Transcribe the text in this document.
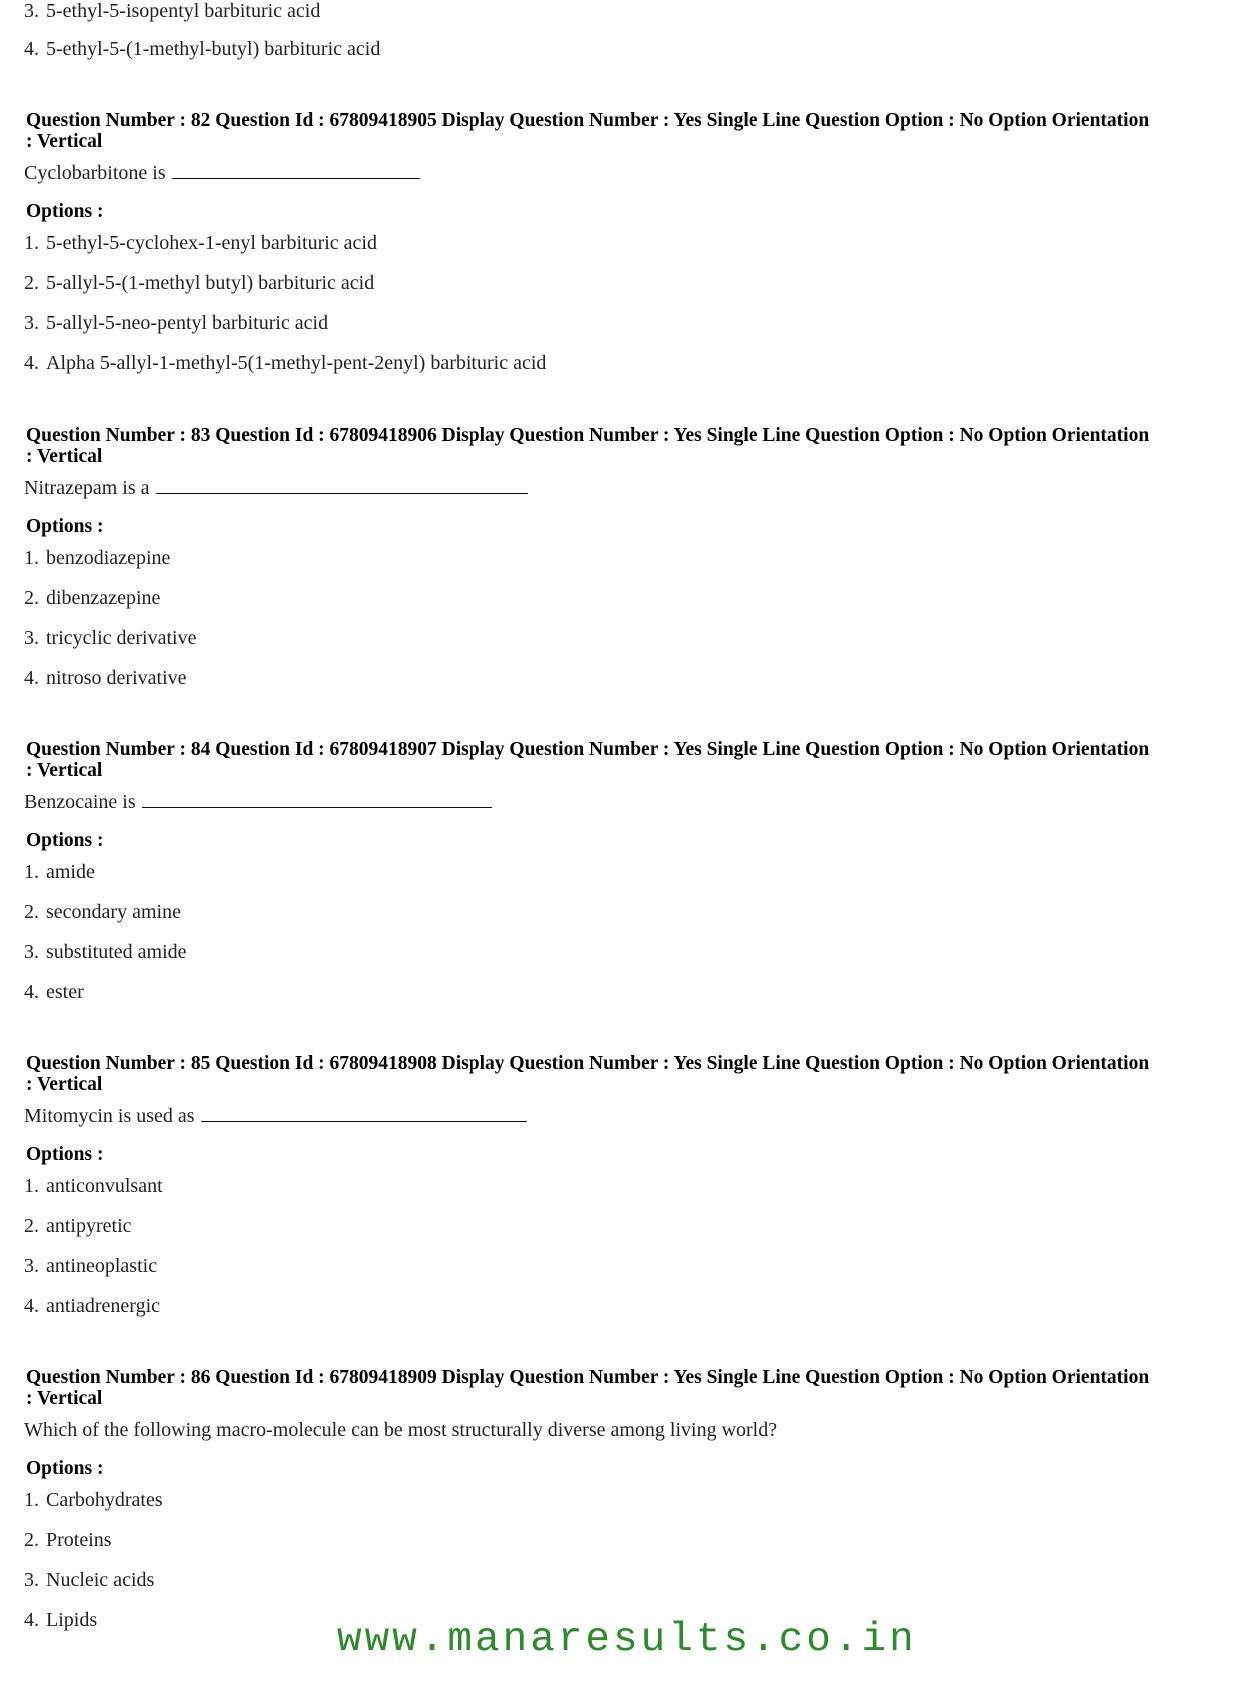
3. 5-ethyl-5-isopentyl barbituric acid
4. 5-ethyl-5-(1-methyl-butyl) barbituric acid
Question Number : 82 Question Id : 67809418905 Display Question Number : Yes Single Line Question Option : No Option Orientation : Vertical
Cyclobarbitone is
Options :
1. 5-ethyl-5-cyclohex-1-enyl barbituric acid
2. 5-allyl-5-(1-methyl butyl) barbituric acid
3. 5-allyl-5-neo-pentyl barbituric acid
4. Alpha 5-allyl-1-methyl-5(1-methyl-pent-2enyl) barbituric acid
Question Number : 83 Question Id : 67809418906 Display Question Number : Yes Single Line Question Option : No Option Orientation : Vertical
Nitrazepam is a
Options :
1. benzodiazepine
2. dibenzazepine
3. tricyclic derivative
4. nitroso derivative
Question Number : 84 Question Id : 67809418907 Display Question Number : Yes Single Line Question Option : No Option Orientation : Vertical
Benzocaine is
Options :
1. amide
2. secondary amine
3. substituted amide
4. ester
Question Number : 85 Question Id : 67809418908 Display Question Number : Yes Single Line Question Option : No Option Orientation : Vertical
Mitomycin is used as
Options :
1. anticonvulsant
2. antipyretic
3. antineoplastic
4. antiadrenergic
Question Number : 86 Question Id : 67809418909 Display Question Number : Yes Single Line Question Option : No Option Orientation : Vertical
Which of the following macro-molecule can be most structurally diverse among living world?
Options :
1. Carbohydrates
2. Proteins
3. Nucleic acids
4. Lipids	www.manaresults.co.in
